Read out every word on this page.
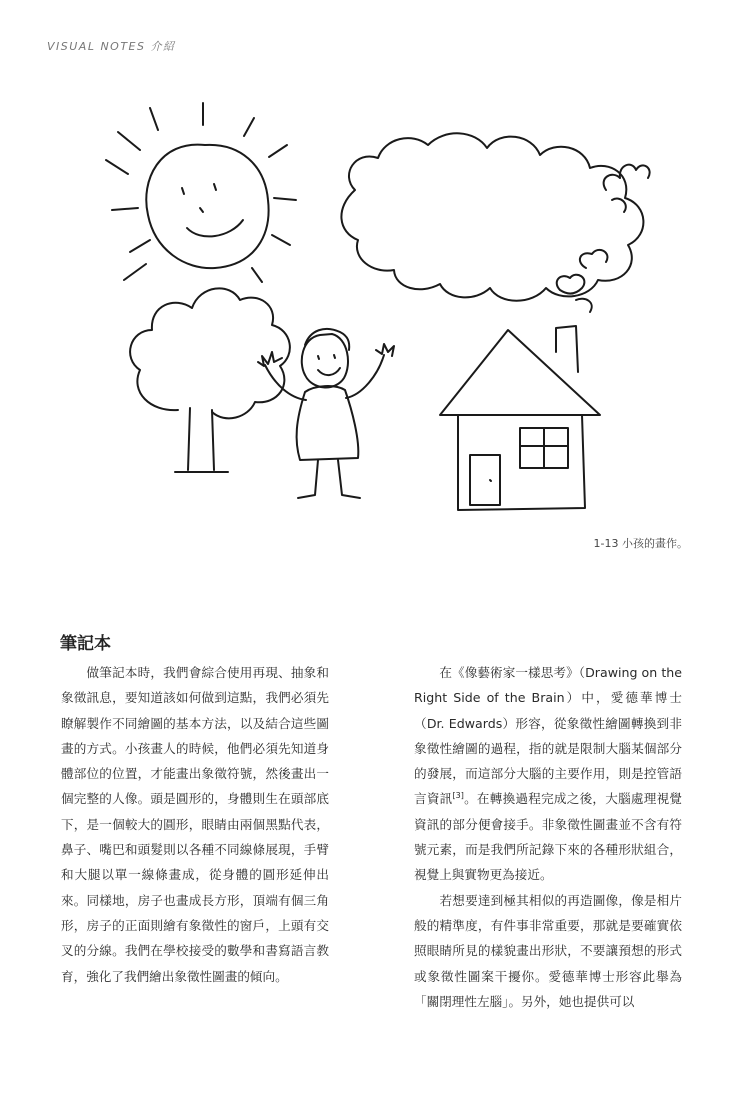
VISUAL NOTES 介紹
1-13 小孩的畫作。
筆記本

　　做筆記本時，我們會綜合使用再現、抽象和象徵訊息，要知道該如何做到這點，我們必須先瞭解製作不同繪圖的基本方法，以及結合這些圖畫的方式。小孩畫人的時候，他們必須先知道身體部位的位置，才能畫出象徵符號，然後畫出一個完整的人像。頭是圓形的，身體則生在頭部底下，是一個較大的圓形，眼睛由兩個黑點代表，鼻子、嘴巴和頭髮則以各種不同線條展現，手臂和大腿以單一線條畫成，從身體的圓形延伸出來。同樣地，房子也畫成長方形，頂端有個三角形，房子的正面則繪有象徵性的窗戶，上頭有交叉的分線。我們在學校接受的數學和書寫語言教育，強化了我們繪出象徵性圖畫的傾向。

　　在《像藝術家一樣思考》（Drawing on the Right Side of the Brain）中，愛德華博士（Dr. Edwards）形容，從象徵性繪圖轉換到非象徵性繪圖的過程，指的就是限制大腦某個部分的發展，而這部分大腦的主要作用，則是控管語言資訊[3]。在轉換過程完成之後，大腦處理視覺資訊的部分便會接手。非象徵性圖畫並不含有符號元素，而是我們所記錄下來的各種形狀組合，視覺上與實物更為接近。

　　若想要達到極其相似的再造圖像，像是相片般的精準度，有件事非常重要，那就是要確實依照眼睛所見的樣貌畫出形狀，不要讓預想的形式或象徵性圖案干擾你。愛德華博士形容此舉為「關閉理性左腦」。另外，她也提供可以
